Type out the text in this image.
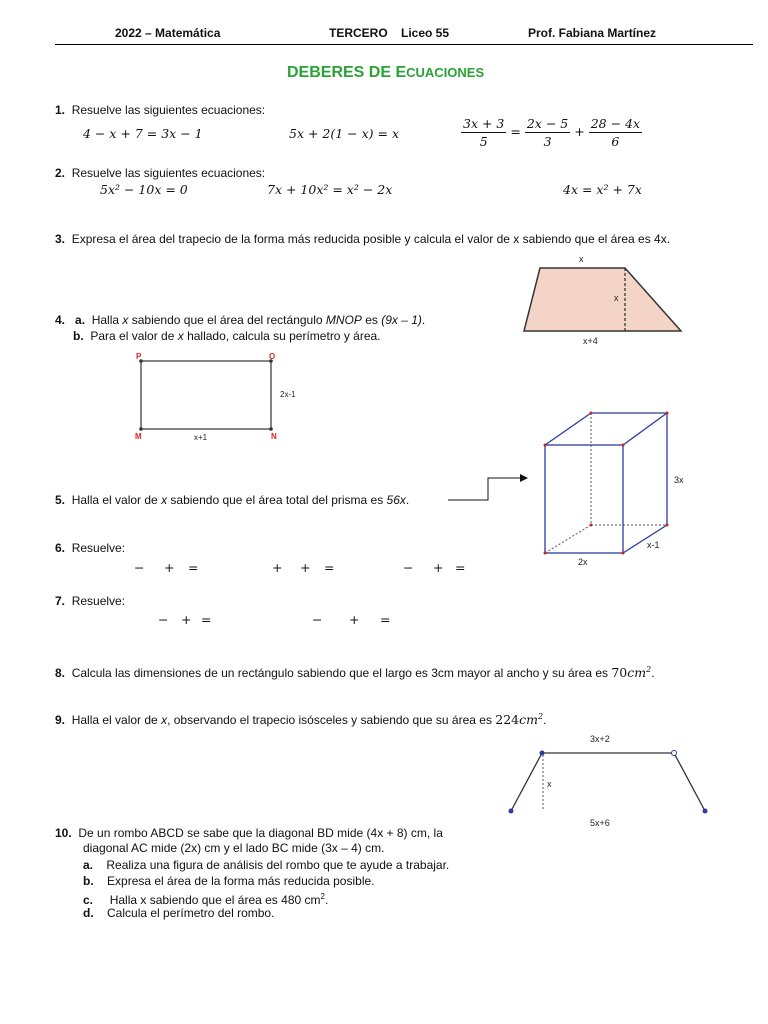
2022 – Matemática	TERCERO Liceo 55	Prof. Fabiana Martínez
DEBERES DE ECUACIONES
1. Resuelve las siguientes ecuaciones:
4 − x + 7 = 3x − 1	5x + 2(1 − x) = x	$\frac{3x + 3}{5} = \frac{2x - 5}{3} + \frac{28 - 4x}{6}$
2. Resuelve las siguientes ecuaciones:
5x² − 10x = 0	7x + 10x² = x² − 2x	4x = x² + 7x
3. Expresa el área del trapecio de la forma más reducida posible y calcula el valor de x sabiendo que el área es 4x.
x
x
x+4
4. a. Halla x sabiendo que el área del rectángulo MNOP es (9x – 1).
b. Para el valor de x hallado, calcula su perímetro y área.
P	O
M	N
2x-1
x+1
5. Halla el valor de x sabiendo que el área total del prisma es 56x.
3x
x-1
2x
6. Resuelve:
− + =	+ + =	− + =
7. Resuelve:
− + =	− + =
8. Calcula las dimensiones de un rectángulo sabiendo que el largo es 3cm mayor al ancho y su área es $70cm^2$.
9. Halla el valor de x, observando el trapecio isósceles y sabiendo que su área es $224cm^2$.
3x+2
x
5x+6
10. De un rombo ABCD se sabe que la diagonal BD mide (4x + 8) cm, la
diagonal AC mide (2x) cm y el lado BC mide (3x – 4) cm.
a. Realiza una figura de análisis del rombo que te ayude a trabajar.
b. Expresa el área de la forma más reducida posible.
c.     Halla x sabiendo que el área es 480 $cm^2$.
d. Calcula el perímetro del rombo.
